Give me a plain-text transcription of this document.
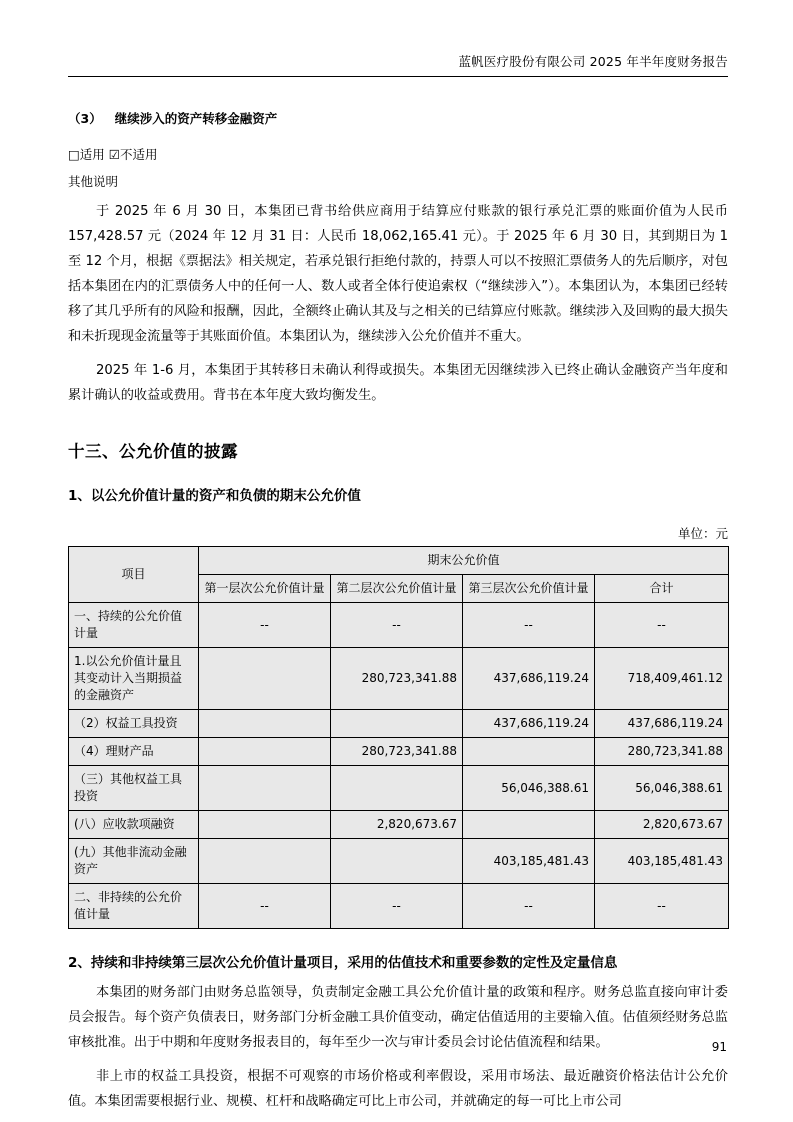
蓝帆医疗股份有限公司 2025 年半年度财务报告
（3） 继续涉入的资产转移金融资产
□适用 ☑不适用
其他说明

于 2025 年 6 月 30 日，本集团已背书给供应商用于结算应付账款的银行承兑汇票的账面价值为人民币 157,428.57 元（2024 年 12 月 31 日：人民币 18,062,165.41 元）。于 2025 年 6 月 30 日，其到期日为 1 至 12 个月，根据《票据法》相关规定，若承兑银行拒绝付款的，持票人可以不按照汇票债务人的先后顺序，对包括本集团在内的汇票债务人中的任何一人、数人或者全体行使追索权（“继续涉入”）。本集团认为，本集团已经转移了其几乎所有的风险和报酬，因此，全额终止确认其及与之相关的已结算应付账款。继续涉入及回购的最大损失和未折现现金流量等于其账面价值。本集团认为，继续涉入公允价值并不重大。

2025 年 1-6 月，本集团于其转移日未确认利得或损失。本集团无因继续涉入已终止确认金融资产当年度和累计确认的收益或费用。背书在本年度大致均衡发生。

十三、公允价值的披露
1、以公允价值计量的资产和负债的期末公允价值
单位：元
项目	期末公允价值			
	第一层次公允价值计量	第二层次公允价值计量	第三层次公允价值计量	合计
一、持续的公允价值计量	--	--	--	--
1.以公允价值计量且其变动计入当期损益的金融资产		280,723,341.88	437,686,119.24	718,409,461.12
（2）权益工具投资			437,686,119.24	437,686,119.24
（4）理财产品		280,723,341.88		280,723,341.88
（三）其他权益工具投资			56,046,388.61	56,046,388.61
(八）应收款项融资		2,820,673.67		2,820,673.67
(九）其他非流动金融资产			403,185,481.43	403,185,481.43
二、非持续的公允价值计量	--	--	--	--
2、持续和非持续第三层次公允价值计量项目，采用的估值技术和重要参数的定性及定量信息

本集团的财务部门由财务总监领导，负责制定金融工具公允价值计量的政策和程序。财务总监直接向审计委员会报告。每个资产负债表日，财务部门分析金融工具价值变动，确定估值适用的主要输入值。估值须经财务总监审核批准。出于中期和年度财务报表目的，每年至少一次与审计委员会讨论估值流程和结果。

非上市的权益工具投资，根据不可观察的市场价格或利率假设，采用市场法、最近融资价格法估计公允价值。本集团需要根据行业、规模、杠杆和战略确定可比上市公司，并就确定的每一可比上市公司

91
